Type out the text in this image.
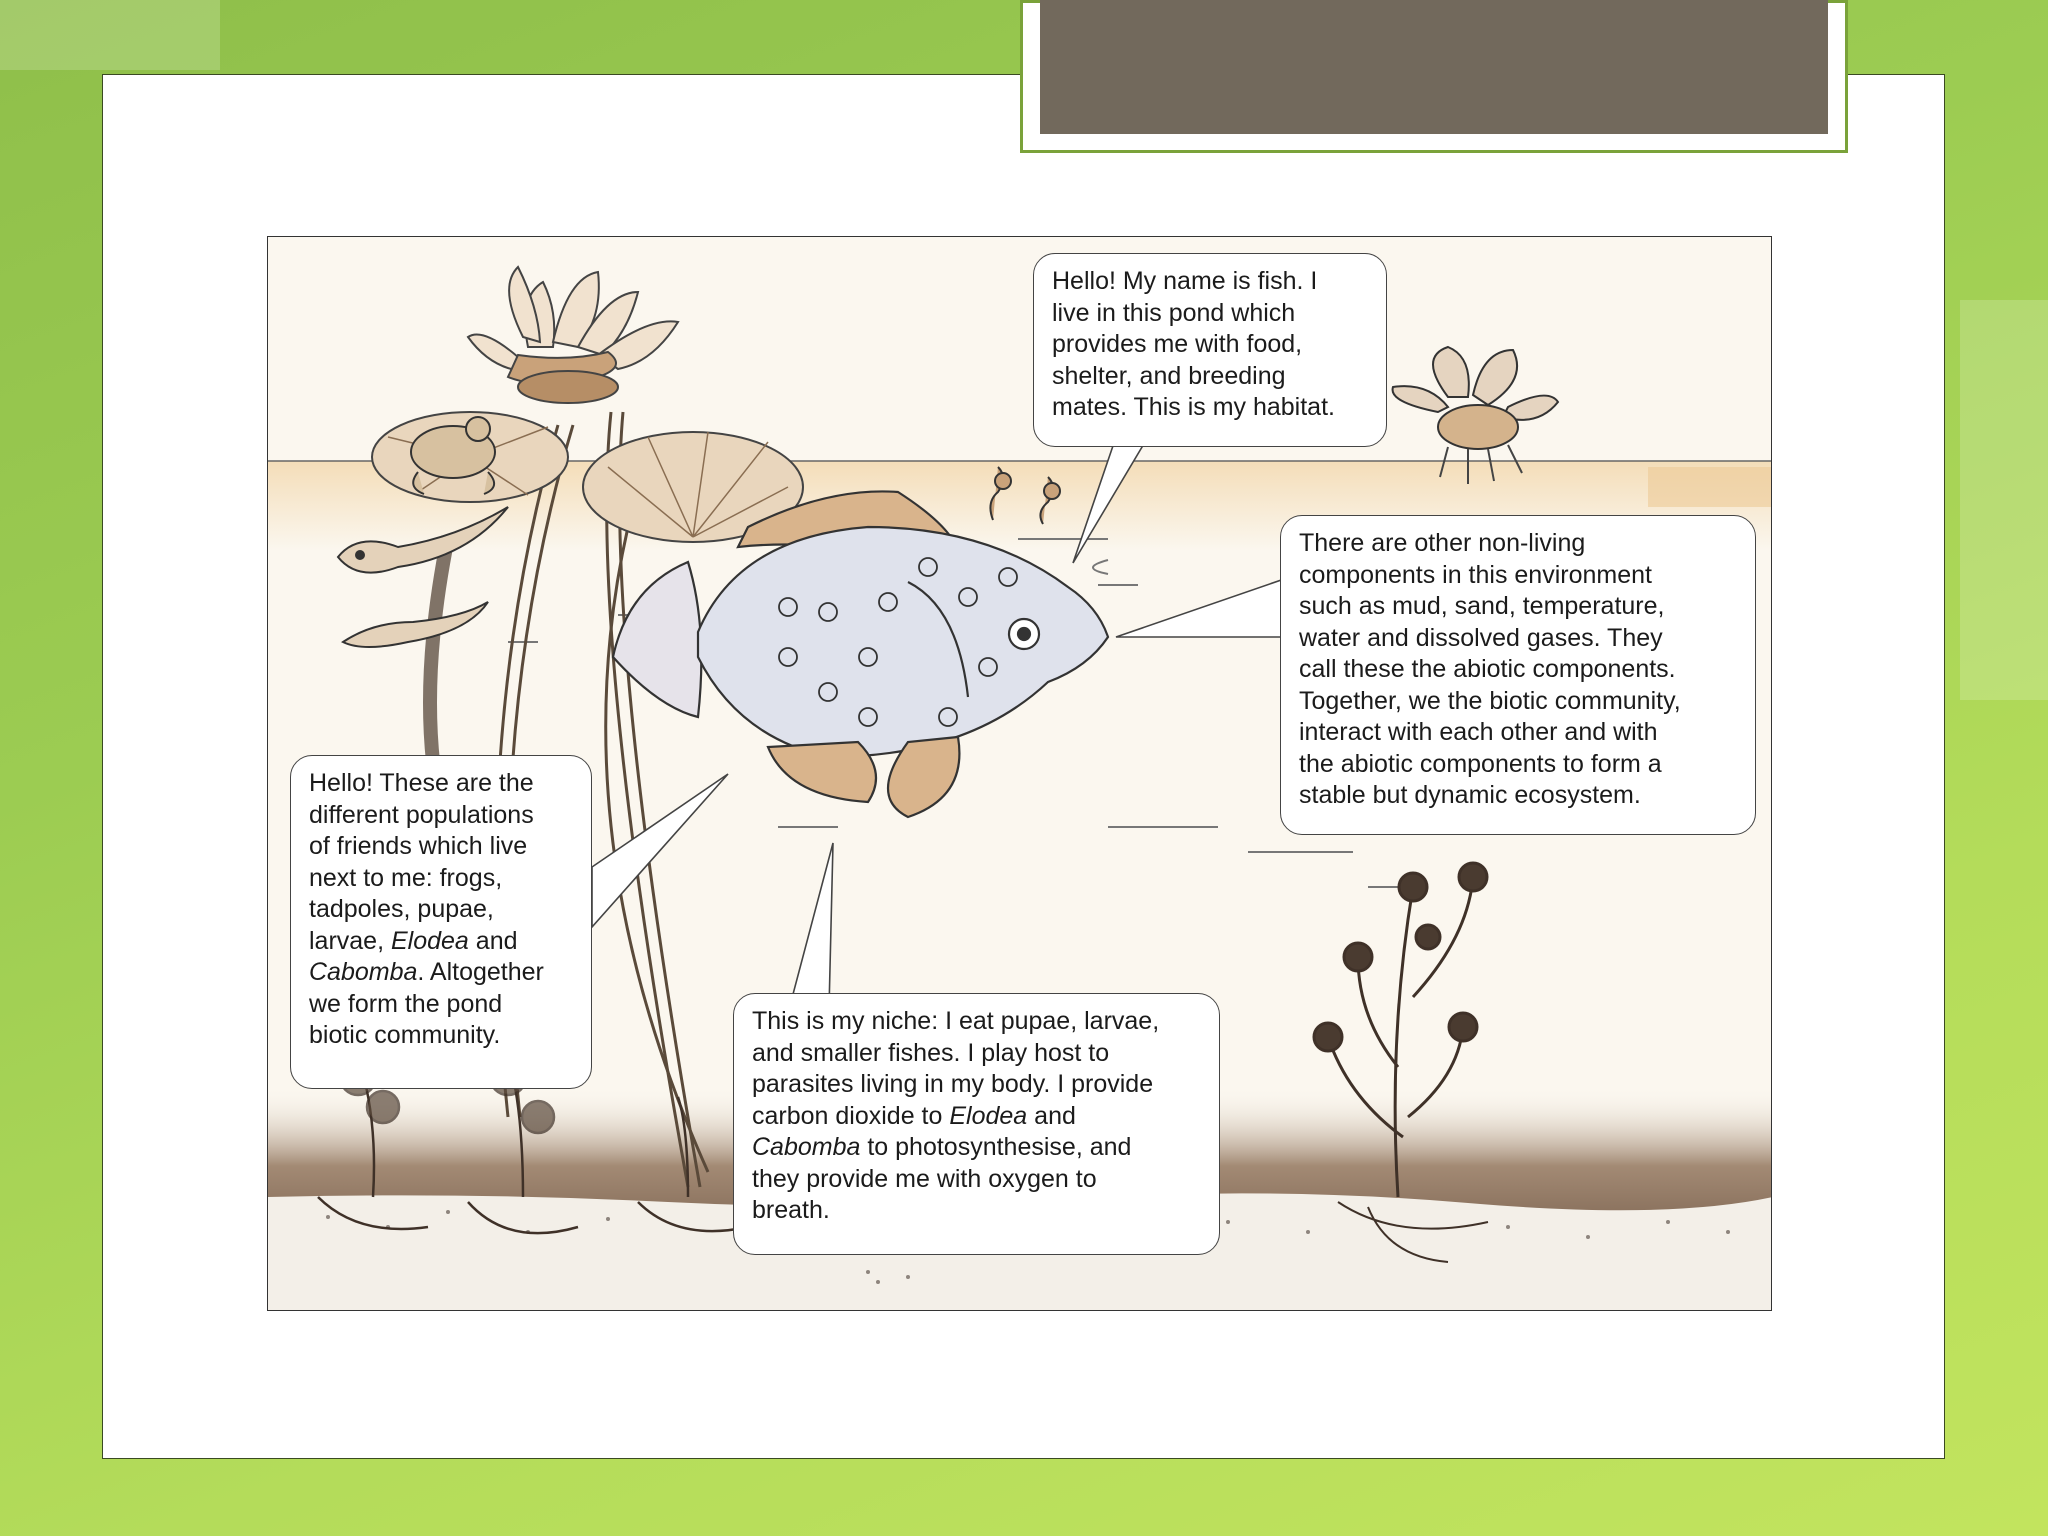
Hello! My name is fish. I

live in this pond which

provides me with food,

shelter, and breeding

mates. This is my habitat.

There are other non-living

components in this environment

such as mud, sand, temperature,

water and dissolved gases. They

call these the abiotic components.

Together, we the biotic community,

interact with each other and with

the abiotic components to form a

stable but dynamic ecosystem.

Hello! These are the

different populations

of friends which live

next to me: frogs,

tadpoles, pupae,

larvae, Elodea and

Cabomba. Altogether

we form the pond

biotic community.	This is my niche: I eat pupae, larvae,

and smaller fishes. I play host to

parasites living in my body. I provide

carbon dioxide to Elodea and

Cabomba to photosynthesise, and

they provide me with oxygen to

breath.
